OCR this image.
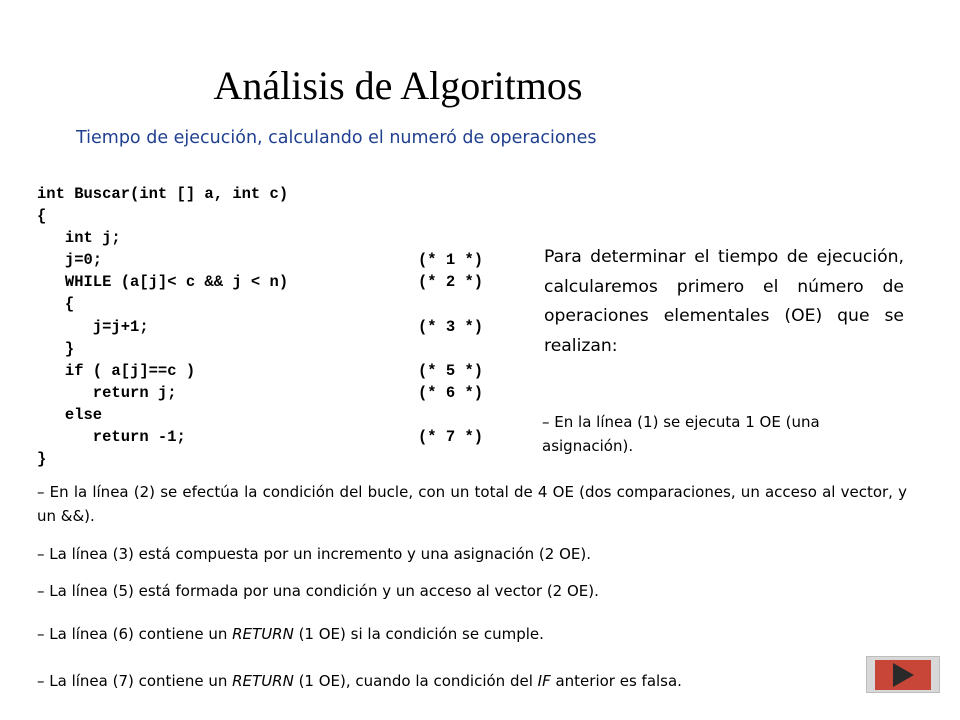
Análisis de Algoritmos
Tiempo de ejecución, calculando el numeró de operaciones
int Buscar(int [] a, int c)
{
int j;
j=0;	(* 1 *)
WHILE (a[j]< c && j < n)	(* 2 *)
{
j=j+1;	(* 3 *)
}
if ( a[j]==c )	(* 5 *)
return j;	(* 6 *)
else
return -1;	(* 7 *)
}
Para determinar el tiempo de ejecución, calcularemos primero el número de operaciones elementales (OE) que se realizan:
– En la línea (1) se ejecuta 1 OE (una asignación).
– En la línea (2) se efectúa la condición del bucle, con un total de 4 OE (dos comparaciones, un acceso al vector, y un &&).
– La línea (3) está compuesta por un incremento y una asignación (2 OE).
– La línea (5) está formada por una condición y un acceso al vector (2 OE).
– La línea (6) contiene un RETURN (1 OE) si la condición se cumple.
– La línea (7) contiene un RETURN (1 OE), cuando la condición del IF anterior es falsa.
